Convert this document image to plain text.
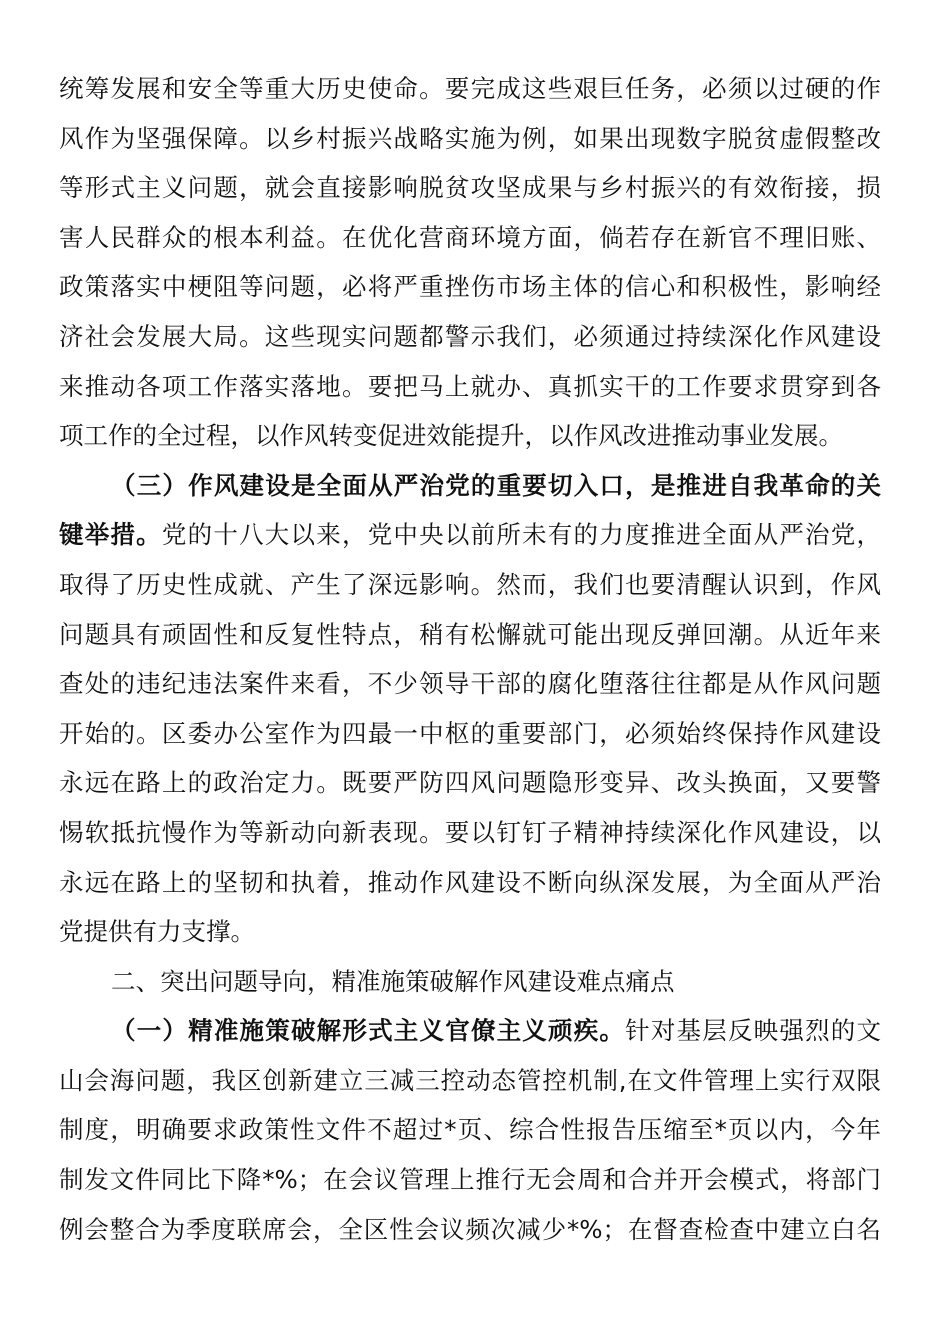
统筹发展和安全等重大历史使命。要完成这些艰巨任务，必须以过硬的作
风作为坚强保障。以乡村振兴战略实施为例，如果出现数字脱贫虚假整改
等形式主义问题，就会直接影响脱贫攻坚成果与乡村振兴的有效衔接，损
害人民群众的根本利益。在优化营商环境方面，倘若存在新官不理旧账、
政策落实中梗阻等问题，必将严重挫伤市场主体的信心和积极性，影响经
济社会发展大局。这些现实问题都警示我们，必须通过持续深化作风建设
来推动各项工作落实落地。要把马上就办、真抓实干的工作要求贯穿到各
项工作的全过程，以作风转变促进效能提升，以作风改进推动事业发展。
（三）作风建设是全面从严治党的重要切入口，是推进自我革命的关
键举措。党的十八大以来，党中央以前所未有的力度推进全面从严治党，
取得了历史性成就、产生了深远影响。然而，我们也要清醒认识到，作风
问题具有顽固性和反复性特点，稍有松懈就可能出现反弹回潮。从近年来
查处的违纪违法案件来看，不少领导干部的腐化堕落往往都是从作风问题
开始的。区委办公室作为四最一中枢的重要部门，必须始终保持作风建设
永远在路上的政治定力。既要严防四风问题隐形变异、改头换面，又要警
惕软抵抗慢作为等新动向新表现。要以钉钉子精神持续深化作风建设，以
永远在路上的坚韧和执着，推动作风建设不断向纵深发展，为全面从严治
党提供有力支撑。
二、突出问题导向，精准施策破解作风建设难点痛点
（一）精准施策破解形式主义官僚主义顽疾。针对基层反映强烈的文
山会海问题，我区创新建立三减三控动态管控机制,在文件管理上实行双限
制度，明确要求政策性文件不超过*页、综合性报告压缩至*页以内，今年
制发文件同比下降*%；在会议管理上推行无会周和合并开会模式，将部门
例会整合为季度联席会，全区性会议频次减少*%；在督查检查中建立白名
